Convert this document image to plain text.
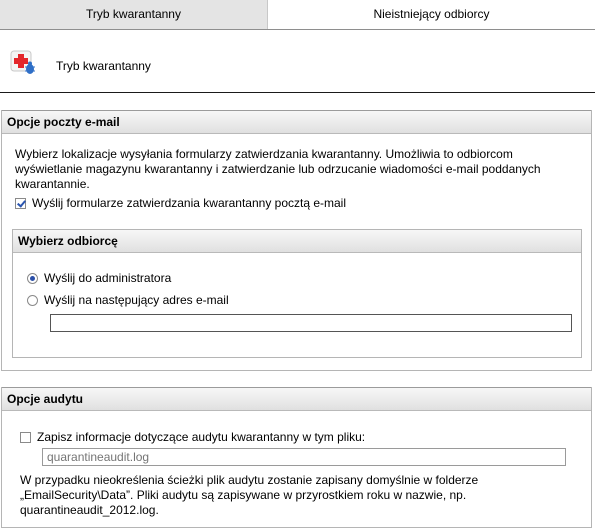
Tryb kwarantanny	Nieistniejący odbiorcy
Tryb kwarantanny
Opcje poczty e-mail
Wybierz lokalizacje wysyłania formularzy zatwierdzania kwarantanny. Umożliwia to odbiorcom wyświetlanie magazynu kwarantanny i zatwierdzanie lub odrzucanie wiadomości e-mail poddanych kwarantannie.
Wyślij formularze zatwierdzania kwarantanny pocztą e-mail
Wybierz odbiorcę
Wyślij do administratora
Wyślij na następujący adres e-mail
Opcje audytu
Zapisz informacje dotyczące audytu kwarantanny w tym pliku:
quarantineaudit.log
W przypadku nieokreślenia ścieżki plik audytu zostanie zapisany domyślnie w folderze „EmailSecurity\Data”. Pliki audytu są zapisywane w przyrostkiem roku w nazwie, np. quarantineaudit_2012.log.
